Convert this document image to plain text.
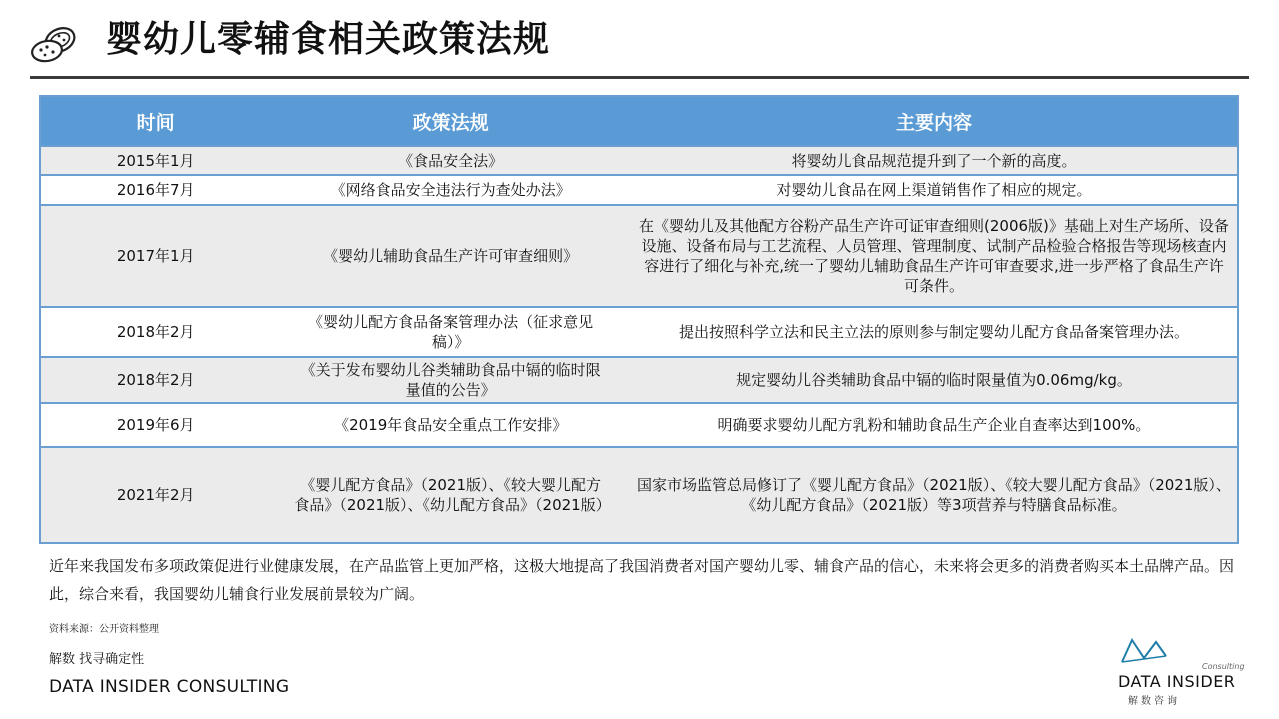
婴幼儿零辅食相关政策法规
时间	政策法规	主要内容
2015年1月	《食品安全法》	将婴幼儿食品规范提升到了一个新的高度。
2016年7月	《网络食品安全违法行为查处办法》	对婴幼儿食品在网上渠道销售作了相应的规定。
2017年1月	《婴幼儿辅助食品生产许可审查细则》	在《婴幼儿及其他配方谷粉产品生产许可证审查细则(2006版)》基础上对生产场所、设备设施、设备布局与工艺流程、人员管理、管理制度、试制产品检验合格报告等现场核查内容进行了细化与补充,统一了婴幼儿辅助食品生产许可审查要求,进一步严格了食品生产许可条件。
2018年2月	《婴幼儿配方食品备案管理办法（征求意见稿）》	提出按照科学立法和民主立法的原则参与制定婴幼儿配方食品备案管理办法。
2018年2月	《关于发布婴幼儿谷类辅助食品中镉的临时限量值的公告》	规定婴幼儿谷类辅助食品中镉的临时限量值为0.06mg/kg。
2019年6月	《2019年食品安全重点工作安排》	明确要求婴幼儿配方乳粉和辅助食品生产企业自查率达到100%。
2021年2月	《婴儿配方食品》（2021版）、《较大婴儿配方食品》（2021版）、《幼儿配方食品》（2021版）	国家市场监管总局修订了《婴儿配方食品》（2021版）、《较大婴儿配方食品》（2021版）、《幼儿配方食品》（2021版）等3项营养与特膳食品标准。

近年来我国发布多项政策促进行业健康发展，在产品监管上更加严格，这极大地提高了我国消费者对国产婴幼儿零、辅食产品的信心，未来将会更多的消费者购买本土品牌产品。因此，综合来看，我国婴幼儿辅食行业发展前景较为广阔。

资料来源：公开资料整理
解数 找寻确定性
DATA INSIDER CONSULTING
Consulting
DATA INSIDER
解数咨询
